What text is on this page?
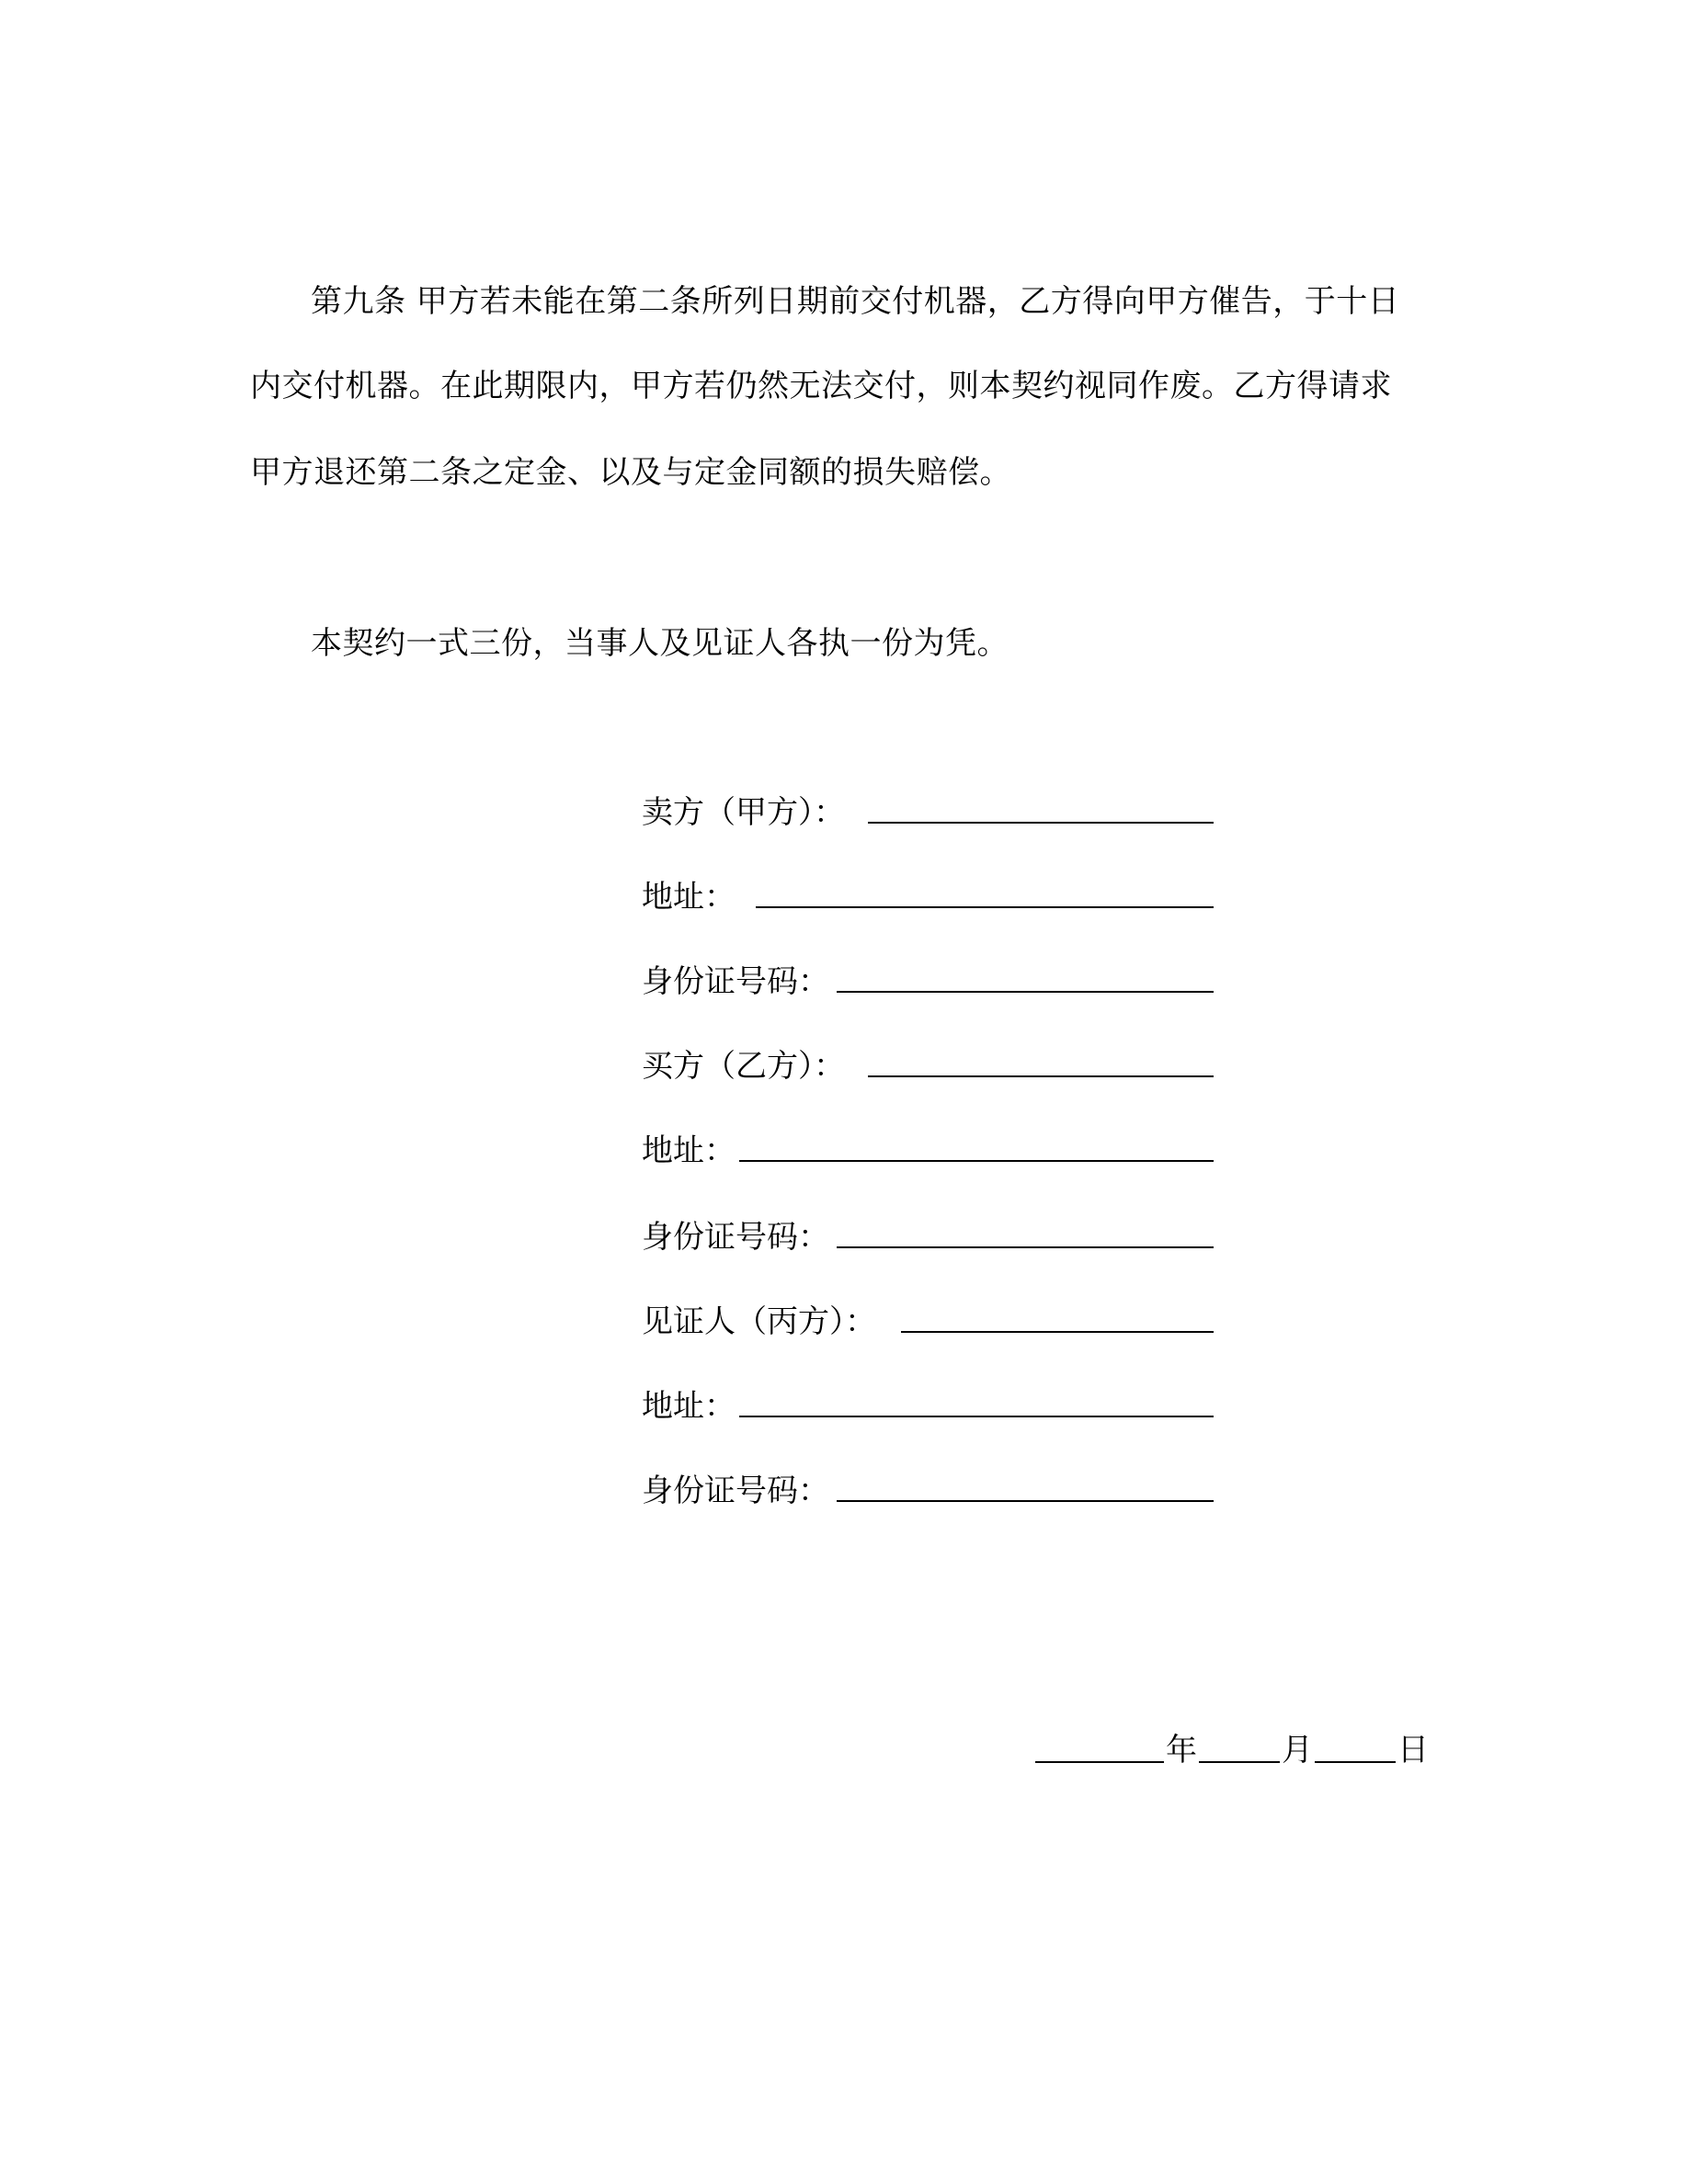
第九条 甲方若未能在第二条所列日期前交付机器，乙方得向甲方催告，于十日
内交付机器。在此期限内，甲方若仍然无法交付，则本契约视同作废。乙方得请求
甲方退还第二条之定金、以及与定金同额的损失赔偿。
本契约一式三份，当事人及见证人各执一份为凭。
卖方（甲方）：
地址：
身份证号码：
买方（乙方）：
地址：
身份证号码：
见证人（丙方）：
地址：
身份证号码：
年	月	日
